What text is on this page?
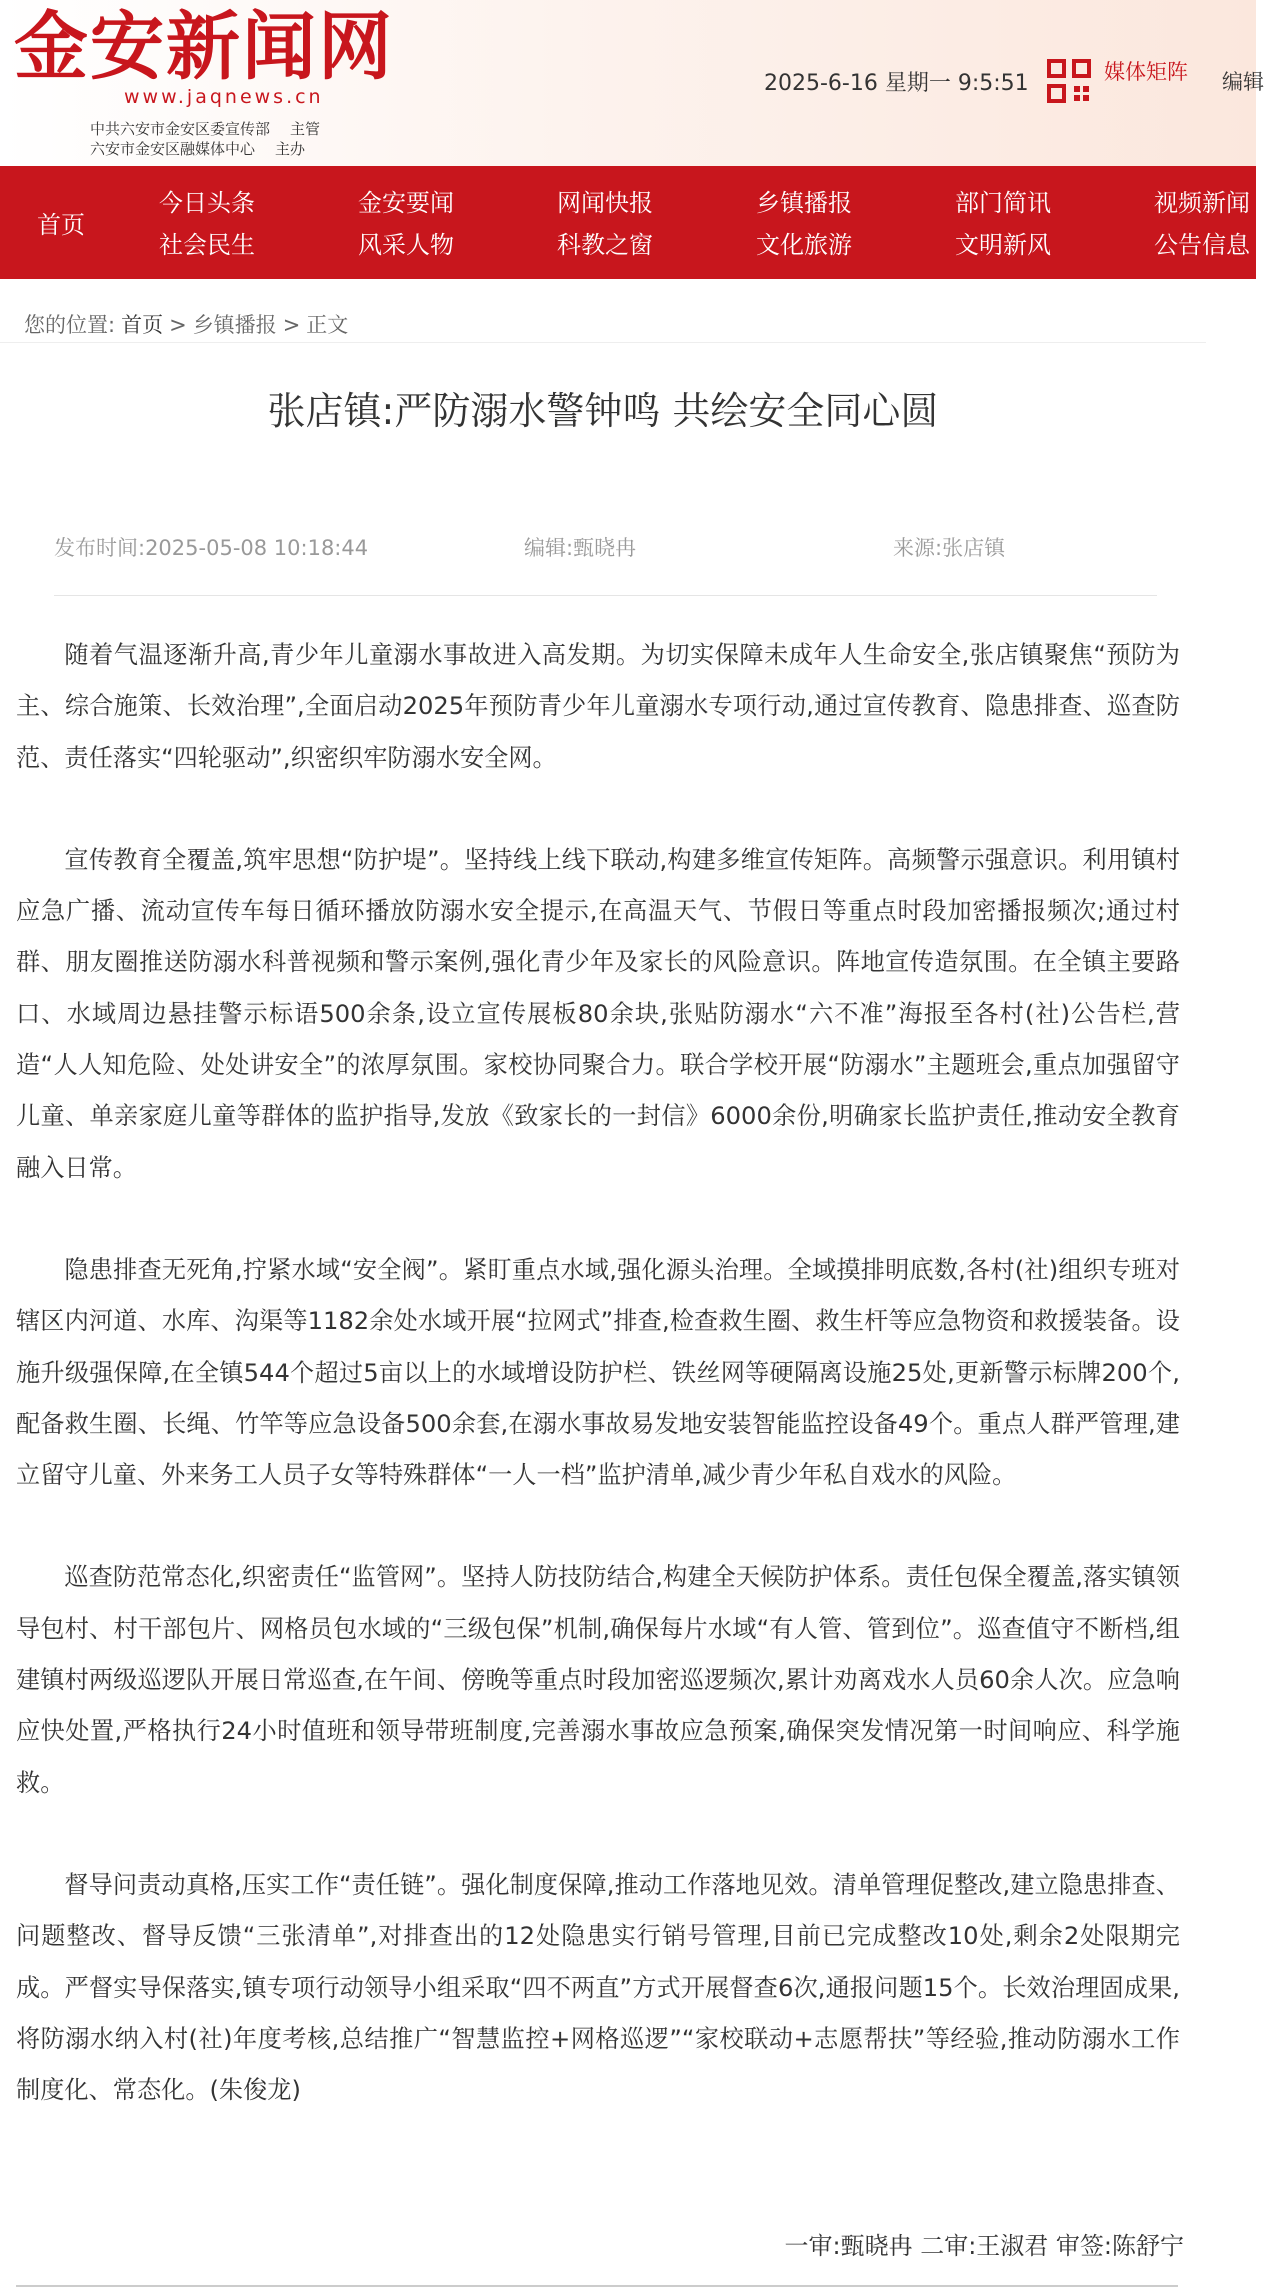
金安新闻网
www.jaqnews.cn
中共六安市金安区委宣传部 主管
六安市金安区融媒体中心 主办
2025-6-16 星期一 9:5:51	媒体矩阵 编辑
首页
今日头条	金安要闻	网闻快报	乡镇播报	部门简讯	视频新闻
社会民生	风采人物	科教之窗	文化旅游	文明新风	公告信息
您的位置: 首页 > 乡镇播报 > 正文
张店镇:严防溺水警钟鸣 共绘安全同心圆
发布时间:2025-05-08 10:18:44	编辑:甄晓冉	来源:张店镇

随着气温逐渐升高,青少年儿童溺水事故进入高发期。为切实保障未成年人生命安全,张店镇聚焦“预防为主、综合施策、长效治理”,全面启动2025年预防青少年儿童溺水专项行动,通过宣传教育、隐患排查、巡查防范、责任落实“四轮驱动”,织密织牢防溺水安全网。

宣传教育全覆盖,筑牢思想“防护堤”。坚持线上线下联动,构建多维宣传矩阵。高频警示强意识。利用镇村应急广播、流动宣传车每日循环播放防溺水安全提示,在高温天气、节假日等重点时段加密播报频次;通过村群、朋友圈推送防溺水科普视频和警示案例,强化青少年及家长的风险意识。阵地宣传造氛围。在全镇主要路口、水域周边悬挂警示标语500余条,设立宣传展板80余块,张贴防溺水“六不准”海报至各村(社)公告栏,营造“人人知危险、处处讲安全”的浓厚氛围。家校协同聚合力。联合学校开展“防溺水”主题班会,重点加强留守儿童、单亲家庭儿童等群体的监护指导,发放《致家长的一封信》6000余份,明确家长监护责任,推动安全教育融入日常。

隐患排查无死角,拧紧水域“安全阀”。紧盯重点水域,强化源头治理。全域摸排明底数,各村(社)组织专班对辖区内河道、水库、沟渠等1182余处水域开展“拉网式”排查,检查救生圈、救生杆等应急物资和救援装备。设施升级强保障,在全镇544个超过5亩以上的水域增设防护栏、铁丝网等硬隔离设施25处,更新警示标牌200个,配备救生圈、长绳、竹竿等应急设备500余套,在溺水事故易发地安装智能监控设备49个。重点人群严管理,建立留守儿童、外来务工人员子女等特殊群体“一人一档”监护清单,减少青少年私自戏水的风险。

巡查防范常态化,织密责任“监管网”。坚持人防技防结合,构建全天候防护体系。责任包保全覆盖,落实镇领导包村、村干部包片、网格员包水域的“三级包保”机制,确保每片水域“有人管、管到位”。巡查值守不断档,组建镇村两级巡逻队开展日常巡查,在午间、傍晚等重点时段加密巡逻频次,累计劝离戏水人员60余人次。应急响应快处置,严格执行24小时值班和领导带班制度,完善溺水事故应急预案,确保突发情况第一时间响应、科学施救。

督导问责动真格,压实工作“责任链”。强化制度保障,推动工作落地见效。清单管理促整改,建立隐患排查、问题整改、督导反馈“三张清单”,对排查出的12处隐患实行销号管理,目前已完成整改10处,剩余2处限期完成。严督实导保落实,镇专项行动领导小组采取“四不两直”方式开展督查6次,通报问题15个。长效治理固成果,将防溺水纳入村(社)年度考核,总结推广“智慧监控+网格巡逻”“家校联动+志愿帮扶”等经验,推动防溺水工作制度化、常态化。(朱俊龙)

一审:甄晓冉 二审:王淑君 审签:陈舒宁
